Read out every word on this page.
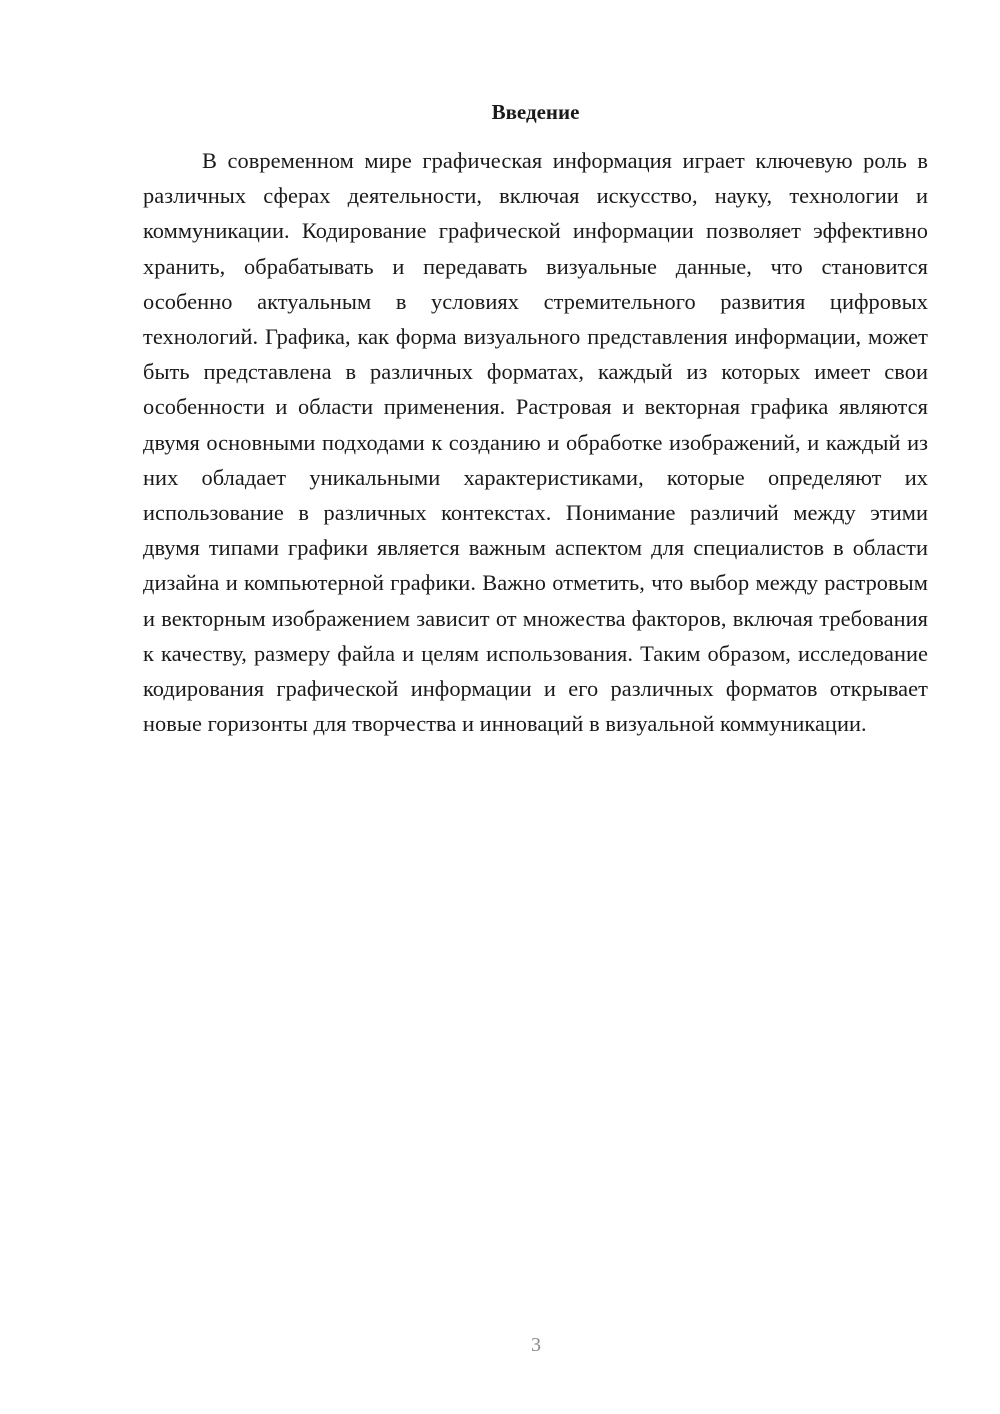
Введение

В современном мире графическая информация играет ключевую роль в различных сферах деятельности, включая искусство, науку, технологии и коммуникации. Кодирование графической информации позволяет эффективно хранить, обрабатывать и передавать визуальные данные, что становится особенно актуальным в условиях стремительного развития цифровых технологий. Графика, как форма визуального представления информации, может быть представлена в различных форматах, каждый из которых имеет свои особенности и области применения. Растровая и векторная графика являются двумя основными подходами к созданию и обработке изображений, и каждый из них обладает уникальными характеристиками, которые определяют их использование в различных контекстах. Понимание различий между этими двумя типами графики является важным аспектом для специалистов в области дизайна и компьютерной графики. Важно отметить, что выбор между растровым и векторным изображением зависит от множества факторов, включая требования к качеству, размеру файла и целям использования. Таким образом, исследование кодирования графической информации и его различных форматов открывает новые горизонты для творчества и инноваций в визуальной коммуникации.

3
